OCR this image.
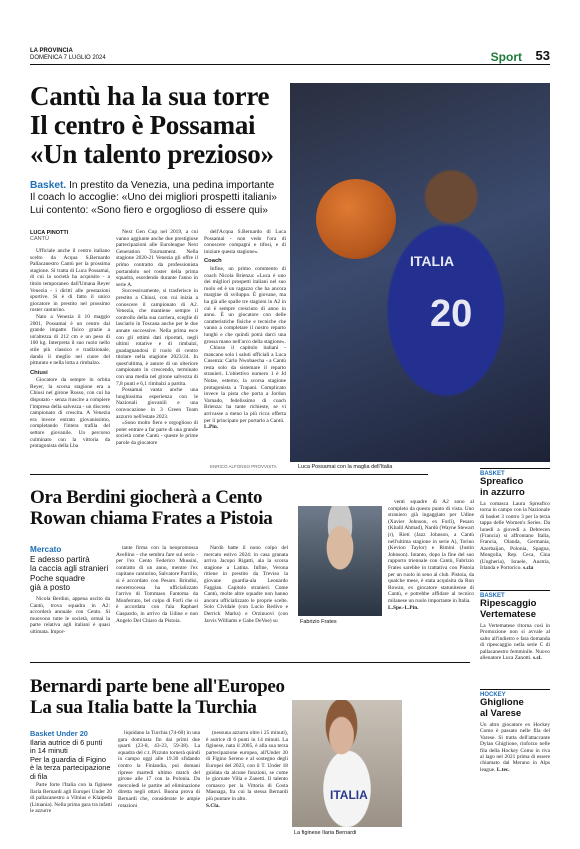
LA PROVINCIA
DOMENICA 7 LUGLIO 2024	Sport 53
Cantù ha la sua torre
Il centro è Possamai
«Un talento prezioso»
Basket. In prestito da Venezia, una pedina importante
Il coach lo accoglie: «Uno dei migliori prospetti italiani»
Lui contento: «Sono fiero e orgoglioso di essere qui»
LUCA PINOTTI
CANTÙ

Ufficiale anche il centro italiano scelto da Acqua S.Bernardo Pallacanestro Cantù per la prossima stagione. Si tratta di Luca Possamai, di cui la società ha acquisito - a titolo temporaneo dall'Umana Reyer Venezia - i diritti alle prestazioni sportive. Si è di fatto il unico giocatore in prestito nel prossimo roster canturino.

Nato a Venezia il 10 maggio 2001, Possamai è un centro dal grande impatto fisico grazie a un'altezza di 212 cm e un peso di 100 kg. Interpreta il suo ruolo nello stile più classico e tradizionale, dando il meglio nel cuore del pitturato e nella lotta a rimbalzo.

Chiusi

Giocatore da sempre in orbita Reyer, la scorsa stagione era a Chiusi nel girone Rosso, con cui ha disputato - senza riuscire a compiere l'impresa della salvezza - un discreto campionato di crescita. A Venezia era invece entrato giovanissimo, completando l'intera trafila del settore giovanile. Un percorso culminato con la vittoria da protagonista della Lba

Next Gen Cup nel 2019, a cui vanno aggiunte anche due prestigiose partecipazioni alle Euroleague Next Generation Tournament. Nella stagione 2020-21 Venezia gli offre il primo contratto da professionista portandolo nel roster della prima squadra, esordendo durante l'anno in serie A.

Successivamente, si trasferisce in prestito a Chiusi, con cui inizia a conoscere il campionato di A2. Venezia, che mantiene sempre il controllo della sua carriera, sceglie di lasciarlo in Toscana anche per le due annate successive. Nella prima esce con gli ottimi dati riportati, negli ultimi rotative e di rimbalzi, guadagnandosi il ruolo di centro titolare nella stagione 2023/24. In quest'ultima, è autore di un ulteriore campionato in crescendo, terminato con una media nel girone salvezza di 7,8 punti e 6,1 rimbalzi a partita.

Possamai vanta anche una lunghissima esperienza con le Nazionali giovanili e una convocazione in 3 Green Team azzurro nell'estate 2023.

«Sono molto fiero e orgoglioso di poter entrare a far parte di una grande società come Cantù - queste le prime parole da giocatore

dell'Acqua S.Bernardo di Luca Possamai - non vedo l'ora di conoscere compagni e tifosi, e di iniziare questa stagione».

Coach

Infine, un primo commento di coach Nicola Brienza: «Luca è uno dei migliori prospetti italiani nel suo ruolo ed è un ragazzo che ha ancora margine di sviluppo. È giovane, ma ha già alle spalle tre stagioni in A2 in cui è sempre cresciuto di anno in anno. È un giocatore con delle caratteristiche fisiche e tecniche che vanno a completare il nostro reparto lunghi e che quindi potrà darci una grossa mano nell'arco della stagione».

Chiuso il capitolo italiani - mancano solo i saluti ufficiali a Luca Cusenza: Carlo Nwobaecha - a Cantù resta solo da sistemare il reparto stranieri. L'obiettivo numero 1 è Jd Notae, esterno, la scorsa stagione protagonista a Trapani. Complicato invece la pista che porta a Jordon Varnado, fedelissimo di coach Brienza: ha tante richieste, se vi arrivasse a meno la più ricca offerta per il principato per portarlo a Cantù.

L.Pin.

ITALIA
20
ENRICO ALFONSO PROVVISTA	Luca Possamai con la maglia dell'Italia
Ora Berdini giocherà a Cento
Rowan chiama Frates a Pistoia
Mercato
E adesso partirà
la caccia agli stranieri
Poche squadre
già a posto

Nicola Berdini, appena uscito da Cantù, trova squadra in A2: accorderà annuale con Cento. Si muovono tutte le società, ormai la parte relativa agli italiani è quasi ultimata. Impor-

tante firma con la neopromossa Avellino - che sembra fare sul serio - per l'ex Cento Federico Mussini, contratto di un anno, mentre l'ex capitano canturino, Salvatore Parrillo, si è accordato con Pesaro. Brindisi, neoretrocessa ha ufficializzato l'arrivo di Tommaso Fantoma da Monferrato, bel colpo di Forlì che si è accordata con l'ala Raphael Gaspardo, in arrivo da Udine e non Angelo Del Chiaro da Pistoia.

Nardò batte il nono colpo del mercato estivo 2024: in casa granata arriva Jacopo Rigatti, ala la scorsa stagione a Latina. Infine, Verona ritiene in prestito da Treviso la giovane guardia-ala Leonardo Faggian. Capitolo stranieri. Come Cantù, molte altre squadre non hanno ancora ufficializzato le proprie scelte. Solo Cividale (con Lucio Redivo e Derrick Marks) e Orzinuovi (con Jarvis Williams e Gabe DeVoe) su	Fabrizio Frates

venti squadre di A2 sono al completo da questo punto di vista. Uno straniero già ingaggiato per Udine (Xavier Johnson, ex Forlì), Pesaro (Khalil Ahmad), Nardò (Wayne Stewart jr), Rieti (Jazz Johnson, a Cantù nell'ultima stagione in serie A), Torino (Kevion Taylor) e Rimini (Justin Johnson). Intanto, dopo la fine del suo rapporto triennale con Cantù, Fabrizio Frates sarebbe in trattativa con Pistoia per un ruolo in seno al club. Pistoia, da qualche mese, è stata acquisita da Ron Rowan, ex giocatore statunitense di Cantù, e potrebbe affidare al tecnico milanese un ruolo importante in Italia.

L.Spe.-L.Pin.

Bernardi parte bene all'Europeo
La sua Italia batte la Turchia
Basket Under 20
Ilaria autrice di 6 punti
in 14 minuti
Per la guardia di Figino
è la terza partecipazione di fila

Parte forte l'Italia con la figinese Ilaria Bernardi agli Europei Under 20 di pallacanestro a Vilnius e Klaipeda (Lituania). Nella prima gara tra infatti le azzurre

liquidano la Turchia (74-60) in una gara dominata fin dai primi due quarti (23-8, 43-23, 59-38). La squadra del c.t. Pizzuto tornerà quindi in campo oggi alle 19.30 sfidando contro la Finlandia, poi domani riprese martedì ultimo match del girone alle 17 con la Polonia. Da mercoledì le partite ad eliminazione diretta negli ottavi. Buona prova di Bernardi che, considerate le ampie rotazioni

(nessuna azzurra oltre i 25 minuti), è autrice di 6 punti in 14 minuti. La figinese, nata il 2005, è alla sua terza partecipazione europea, all'Under 20 di Figino Sereno e al sostegno degli Europei del 2023, con il T. Under 18 guidata da alcune funzioni, se come le giornate Villa e Zanetti. Il talento comasco per la Vittoria di Costa Masnaga, fra cui la stessa Bernardi più puntare in alto.

S.Cla.

ITALIA
La figinese Ilaria Bernardi
BASKET
Spreafico
in azzurro
La comasca Laura Spreafico torna in campo con la Nazionale di basket 3 contro 3 per la terza tappa delle Women's Series. Da lunedì a giovedì a Debrecen (Francia) si affrontano Italia, Francia, Olanda, Germania, Azerbaijan, Polonia, Spagna, Mongolia, Rep. Ceca, Cina (Ungheria), Israele, Austria, Irlanda e Portorico. s.cla
BASKET
Ripescaggio
Vertematese
La Vertematese ritorna così in Promozione non si avvale al salto all'indietro e fara domanda di ripescaggio nella serie C di pallacanestro femminile. Nuovo allenatore Luca Zanotti. s.cl.
HOCKEY
Ghiglione
al Varese
Un altro giocatore ex Hockey Como è passato nelle fila del Varese. Si tratta dell'attaccante Dylan Ghiglione, rinforzo nelle fila della Hockey Como in riva al lago nel 2021 prima di essere chiamato dal Merano in Alps league. L.tec.
